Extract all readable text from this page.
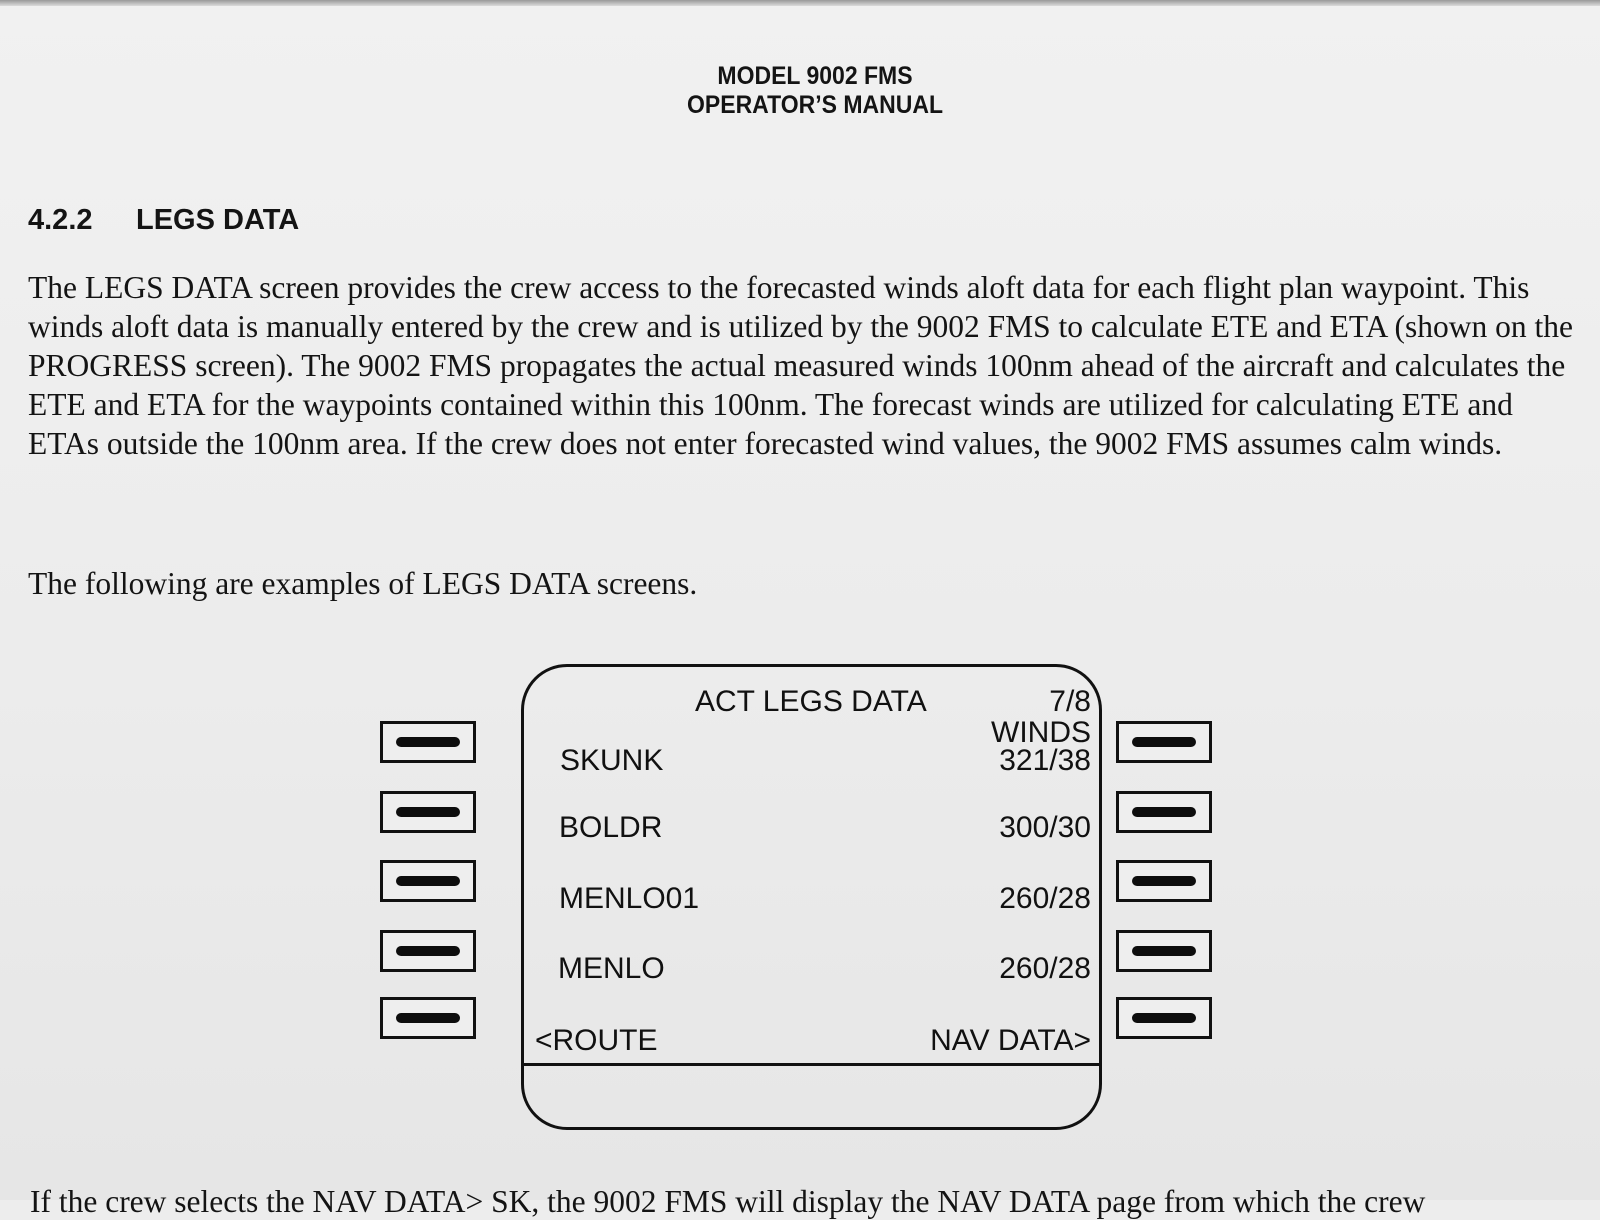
MODEL 9002 FMS
OPERATOR’S MANUAL
4.2.2	LEGS DATA

The LEGS DATA screen provides the crew access to the forecasted winds aloft data for each flight plan waypoint. This winds aloft data is manually entered by the crew and is utilized by the 9002 FMS to calculate ETE and ETA (shown on the PROGRESS screen). The 9002 FMS propagates the actual measured winds 100nm ahead of the aircraft and calculates the ETE and ETA for the waypoints contained within this 100nm. The forecast winds are utilized for calculating ETE and ETAs outside the 100nm area. If the crew does not enter forecasted wind values, the 9002 FMS assumes calm winds.

The following are examples of LEGS DATA screens.

ACT LEGS DATA	7/8
WINDS
SKUNK	321/38
BOLDR	300/30
MENLO01	260/28
MENLO	260/28
<ROUTE	NAV DATA>
If the crew selects the NAV DATA> SK, the 9002 FMS will display the NAV DATA page from which the crew
